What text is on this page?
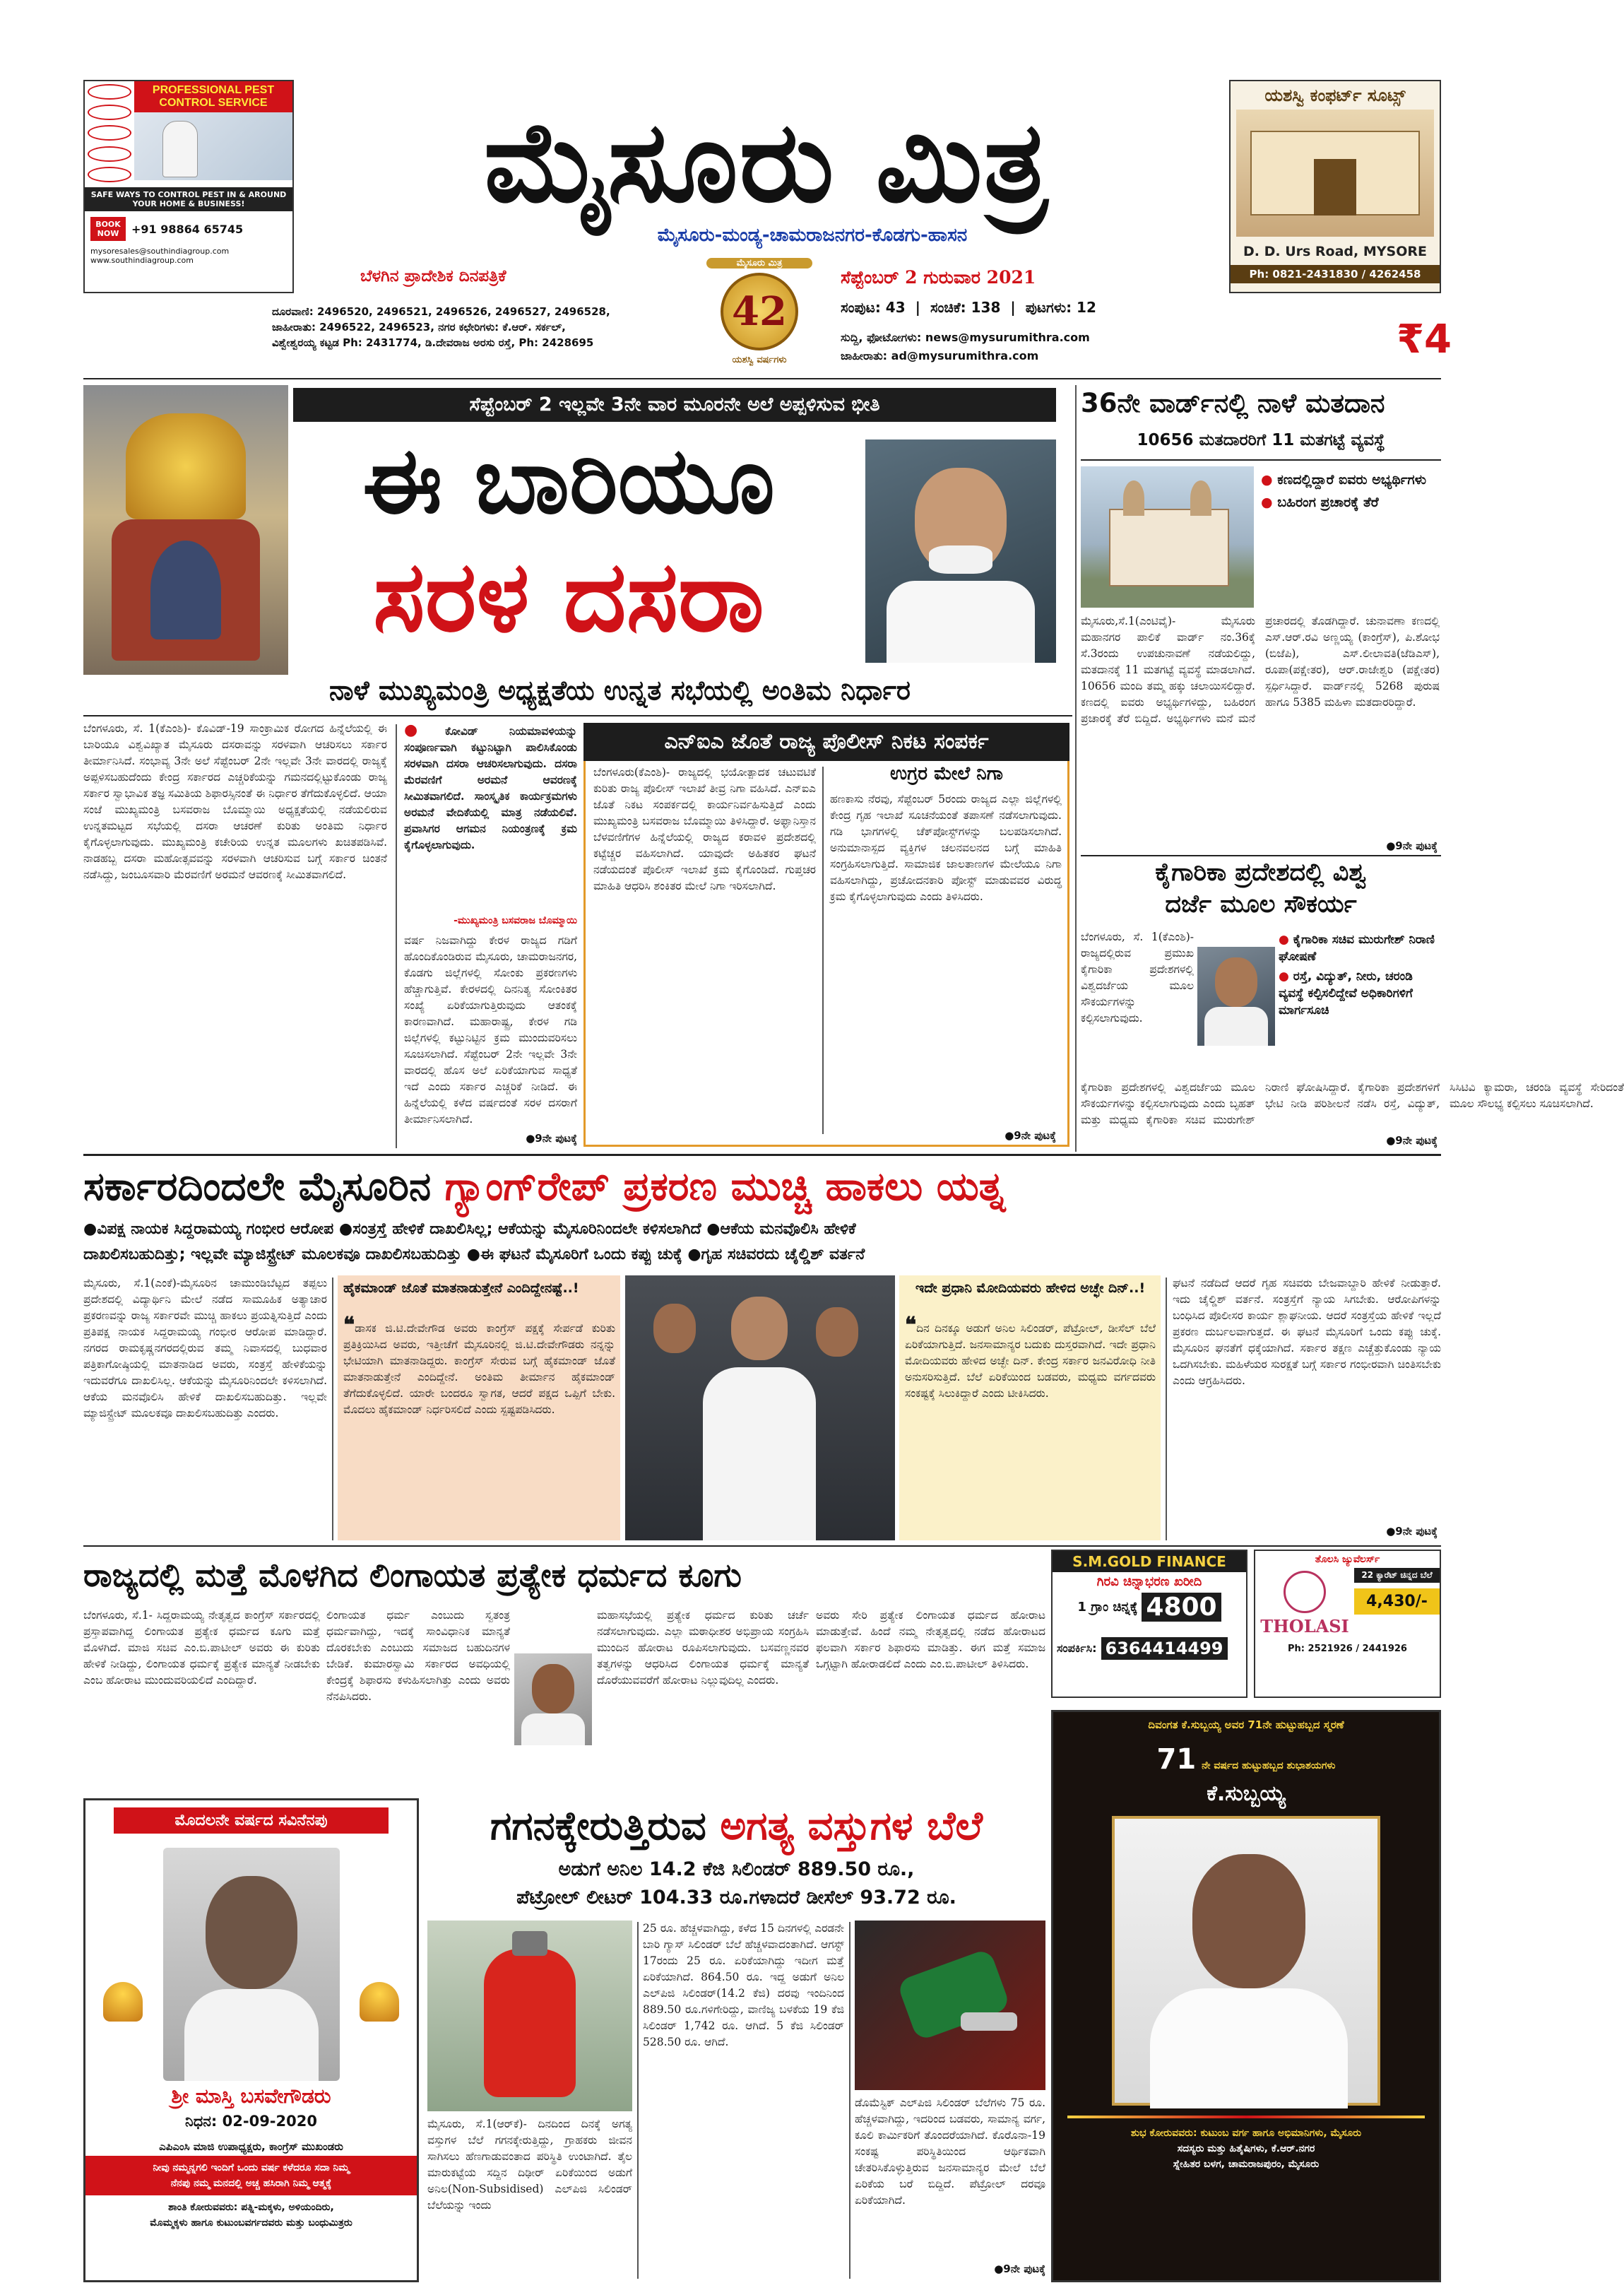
PROFESSIONAL PEST CONTROL SERVICE
SAFE WAYS TO CONTROL PEST IN & AROUND YOUR HOME & BUSINESS!
BOOK NOW	+91 98864 65745
mysoresales@southindiagroup.com
www.southindiagroup.com
ಮೈಸೂರು ಮಿತ್ರ
ಮೈಸೂರು-ಮಂಡ್ಯ-ಚಾಮರಾಜನಗರ-ಕೊಡಗು-ಹಾಸನ
ಬೆಳಗಿನ ಪ್ರಾದೇಶಿಕ ದಿನಪತ್ರಿಕೆ	ಸೆಪ್ಟೆಂಬರ್ 2 ಗುರುವಾರ 2021
ಮೈಸೂರು ಮಿತ್ರ
42
ಯಶಸ್ವಿ ವರ್ಷಗಳು
ದೂರವಾಣಿ: 2496520, 2496521, 2496526, 2496527, 2496528,
ಜಾಹೀರಾತು: 2496522, 2496523, ನಗರ ಕಛೇರಿಗಳು: ಕೆ.ಆರ್. ಸರ್ಕಲ್,
ವಿಶ್ವೇಶ್ವರಯ್ಯ ಕಟ್ಟಡ Ph: 2431774, ಡಿ.ದೇವರಾಜ ಅರಸು ರಸ್ತೆ, Ph: 2428695
ಸಂಪುಟ: 43 | ಸಂಚಿಕೆ: 138 | ಪುಟಗಳು: 12
ಸುದ್ದಿ, ಫೋಟೋಗಳು: news@mysurumithra.com
ಜಾಹೀರಾತು: ad@mysurumithra.com	₹4
ಯಶಸ್ವಿ ಕಂಫರ್ಟ್ ಸೂಟ್ಸ್
D. D. Urs Road, MYSORE
Ph: 0821-2431830 / 4262458
ಸೆಪ್ಟೆಂಬರ್ 2 ಇಲ್ಲವೇ 3ನೇ ವಾರ ಮೂರನೇ ಅಲೆ ಅಪ್ಪಳಿಸುವ ಭೀತಿ
ಈ ಬಾರಿಯೂ
ಸರಳ ದಸರಾ
ನಾಳೆ ಮುಖ್ಯಮಂತ್ರಿ ಅಧ್ಯಕ್ಷತೆಯ ಉನ್ನತ ಸಭೆಯಲ್ಲಿ ಅಂತಿಮ ನಿರ್ಧಾರ
ಬೆಂಗಳೂರು, ಸೆ. 1(ಕೆಎಂಶಿ)- ಕೊವಿಡ್-19 ಸಾಂಕ್ರಾಮಿಕ ರೋಗದ ಹಿನ್ನೆಲೆಯಲ್ಲಿ ಈ ಬಾರಿಯೂ ವಿಶ್ವವಿಖ್ಯಾತ ಮೈಸೂರು ದಸರಾವನ್ನು ಸರಳವಾಗಿ ಆಚರಿಸಲು ಸರ್ಕಾರ ತೀರ್ಮಾನಿಸಿದೆ. ಸಂಭಾವ್ಯ 3ನೇ ಅಲೆ ಸೆಪ್ಟೆಂಬರ್ 2ನೇ ಇಲ್ಲವೇ 3ನೇ ವಾರದಲ್ಲಿ ರಾಜ್ಯಕ್ಕೆ ಅಪ್ಪಳಿಸಬಹುದೆಂದು ಕೇಂದ್ರ ಸರ್ಕಾರದ ಎಚ್ಚರಿಕೆಯನ್ನು ಗಮನದಲ್ಲಿಟ್ಟುಕೊಂಡು ರಾಜ್ಯ ಸರ್ಕಾರ ಸ್ವಾಭಾವಿಕ ತಜ್ಞ ಸಮಿತಿಯ ಶಿಫಾರಸ್ಸಿನಂತೆ ಈ ನಿರ್ಧಾರ ತೆಗೆದುಕೊಳ್ಳಲಿದೆ. ಆಯಾ ಸಂಜೆ ಮುಖ್ಯಮಂತ್ರಿ ಬಸವರಾಜ ಬೊಮ್ಮಾಯಿ ಅಧ್ಯಕ್ಷತೆಯಲ್ಲಿ ನಡೆಯಲಿರುವ ಉನ್ನತಮಟ್ಟದ ಸಭೆಯಲ್ಲಿ ದಸರಾ ಆಚರಣೆ ಕುರಿತು ಅಂತಿಮ ನಿರ್ಧಾರ ಕೈಗೊಳ್ಳಲಾಗುವುದು. ಮುಖ್ಯಮಂತ್ರಿ ಕಚೇರಿಯ ಉನ್ನತ ಮೂಲಗಳು ಖಚಿತಪಡಿಸಿವೆ. ನಾಡಹಬ್ಬ ದಸರಾ ಮಹೋತ್ಸವವನ್ನು ಸರಳವಾಗಿ ಆಚರಿಸುವ ಬಗ್ಗೆ ಸರ್ಕಾರ ಚಿಂತನೆ ನಡೆಸಿದ್ದು, ಜಂಬೂಸವಾರಿ ಮೆರವಣಿಗೆ ಅರಮನೆ ಆವರಣಕ್ಕೆ ಸೀಮಿತವಾಗಲಿದೆ.
●ಕೋವಿಡ್ ನಿಯಮಾವಳಿಯನ್ನು ಸಂಪೂರ್ಣವಾಗಿ ಕಟ್ಟುನಿಟ್ಟಾಗಿ ಪಾಲಿಸಿಕೊಂಡು ಸರಳವಾಗಿ ದಸರಾ ಆಚರಿಸಲಾಗುವುದು. ದಸರಾ ಮೆರವಣಿಗೆ ಅರಮನೆ ಆವರಣಕ್ಕೆ ಸೀಮಿತವಾಗಲಿದೆ. ಸಾಂಸ್ಕೃತಿಕ ಕಾರ್ಯಕ್ರಮಗಳು ಅರಮನೆ ವೇದಿಕೆಯಲ್ಲಿ ಮಾತ್ರ ನಡೆಯಲಿವೆ. ಪ್ರವಾಸಿಗರ ಆಗಮನ ನಿಯಂತ್ರಣಕ್ಕೆ ಕ್ರಮ ಕೈಗೊಳ್ಳಲಾಗುವುದು.
-ಮುಖ್ಯಮಂತ್ರಿ ಬಸವರಾಜ ಬೊಮ್ಮಾಯಿ
ವರ್ಷ ನಿಜವಾಗಿದ್ದು ಕೇರಳ ರಾಜ್ಯದ ಗಡಿಗೆ ಹೊಂದಿಕೊಂಡಿರುವ ಮೈಸೂರು, ಚಾಮರಾಜನಗರ, ಕೊಡಗು ಜಿಲ್ಲೆಗಳಲ್ಲಿ ಸೋಂಕು ಪ್ರಕರಣಗಳು ಹೆಚ್ಚಾಗುತ್ತಿವೆ. ಕೇರಳದಲ್ಲಿ ದಿನನಿತ್ಯ ಸೋಂಕಿತರ ಸಂಖ್ಯೆ ಏರಿಕೆಯಾಗುತ್ತಿರುವುದು ಆತಂಕಕ್ಕೆ ಕಾರಣವಾಗಿದೆ. ಮಹಾರಾಷ್ಟ್ರ, ಕೇರಳ ಗಡಿ ಜಿಲ್ಲೆಗಳಲ್ಲಿ ಕಟ್ಟುನಿಟ್ಟಿನ ಕ್ರಮ ಮುಂದುವರಿಸಲು ಸೂಚಿಸಲಾಗಿದೆ. ಸೆಪ್ಟೆಂಬರ್ 2ನೇ ಇಲ್ಲವೇ 3ನೇ ವಾರದಲ್ಲಿ ಹೊಸ ಅಲೆ ಏರಿಕೆಯಾಗುವ ಸಾಧ್ಯತೆ ಇದೆ ಎಂದು ಸರ್ಕಾರ ಎಚ್ಚರಿಕೆ ನೀಡಿದೆ. ಈ ಹಿನ್ನೆಲೆಯಲ್ಲಿ ಕಳೆದ ವರ್ಷದಂತೆ ಸರಳ ದಸರಾಗೆ ತೀರ್ಮಾನಿಸಲಾಗಿದೆ.
●9ನೇ ಪುಟಕ್ಕೆ
ಎನ್‌ಐಎ ಜೊತೆ ರಾಜ್ಯ ಪೊಲೀಸ್ ನಿಕಟ ಸಂಪರ್ಕ
ಬೆಂಗಳೂರು(ಕೆಎಂಶಿ)- ರಾಜ್ಯದಲ್ಲಿ ಭಯೋತ್ಪಾದಕ ಚಟುವಟಿಕೆ ಕುರಿತು ರಾಜ್ಯ ಪೊಲೀಸ್ ಇಲಾಖೆ ತೀವ್ರ ನಿಗಾ ವಹಿಸಿದೆ. ಎನ್‌ಐಎ ಜೊತೆ ನಿಕಟ ಸಂಪರ್ಕದಲ್ಲಿ ಕಾರ್ಯನಿರ್ವಹಿಸುತ್ತಿದೆ ಎಂದು ಮುಖ್ಯಮಂತ್ರಿ ಬಸವರಾಜ ಬೊಮ್ಮಾಯಿ ತಿಳಿಸಿದ್ದಾರೆ. ಅಫ್ಘಾನಿಸ್ತಾನ ಬೆಳವಣಿಗೆಗಳ ಹಿನ್ನೆಲೆಯಲ್ಲಿ ರಾಜ್ಯದ ಕರಾವಳಿ ಪ್ರದೇಶದಲ್ಲಿ ಕಟ್ಟೆಚ್ಚರ ವಹಿಸಲಾಗಿದೆ. ಯಾವುದೇ ಅಹಿತಕರ ಘಟನೆ ನಡೆಯದಂತೆ ಪೊಲೀಸ್ ಇಲಾಖೆ ಕ್ರಮ ಕೈಗೊಂಡಿದೆ. ಗುಪ್ತಚರ ಮಾಹಿತಿ ಆಧರಿಸಿ ಶಂಕಿತರ ಮೇಲೆ ನಿಗಾ ಇರಿಸಲಾಗಿದೆ.
ಉಗ್ರರ ಮೇಲೆ ನಿಗಾ
ಹಣಕಾಸು ನೆರವು, ಸೆಪ್ಟೆಂಬರ್ 5ರಂದು ರಾಜ್ಯದ ಎಲ್ಲಾ ಜಿಲ್ಲೆಗಳಲ್ಲಿ ಕೇಂದ್ರ ಗೃಹ ಇಲಾಖೆ ಸೂಚನೆಯಂತೆ ತಪಾಸಣೆ ನಡೆಸಲಾಗುವುದು. ಗಡಿ ಭಾಗಗಳಲ್ಲಿ ಚೆಕ್‌ಪೋಸ್ಟ್‌ಗಳನ್ನು ಬಲಪಡಿಸಲಾಗಿದೆ. ಅನುಮಾನಾಸ್ಪದ ವ್ಯಕ್ತಿಗಳ ಚಲನವಲನದ ಬಗ್ಗೆ ಮಾಹಿತಿ ಸಂಗ್ರಹಿಸಲಾಗುತ್ತಿದೆ. ಸಾಮಾಜಿಕ ಜಾಲತಾಣಗಳ ಮೇಲೆಯೂ ನಿಗಾ ವಹಿಸಲಾಗಿದ್ದು, ಪ್ರಚೋದನಕಾರಿ ಪೋಸ್ಟ್ ಮಾಡುವವರ ವಿರುದ್ಧ ಕ್ರಮ ಕೈಗೊಳ್ಳಲಾಗುವುದು ಎಂದು ತಿಳಿಸಿದರು.
●9ನೇ ಪುಟಕ್ಕೆ
36ನೇ ವಾರ್ಡ್‌ನಲ್ಲಿ ನಾಳೆ ಮತದಾನ
10656 ಮತದಾರರಿಗೆ 11 ಮತಗಟ್ಟೆ ವ್ಯವಸ್ಥೆ
● ಕಣದಲ್ಲಿದ್ದಾರೆ ಐವರು ಅಭ್ಯರ್ಥಿಗಳು
● ಬಹಿರಂಗ ಪ್ರಚಾರಕ್ಕೆ ತೆರೆ
ಮೈಸೂರು,ಸೆ.1(ಎಂಟಿವೈ)- ಮೈಸೂರು ಮಹಾನಗರ ಪಾಲಿಕೆ ವಾರ್ಡ್ ನಂ.36ಕ್ಕೆ ಸೆ.3ರಂದು ಉಪಚುನಾವಣೆ ನಡೆಯಲಿದ್ದು, ಮತದಾನಕ್ಕೆ 11 ಮತಗಟ್ಟೆ ವ್ಯವಸ್ಥೆ ಮಾಡಲಾಗಿದೆ. 10656 ಮಂದಿ ತಮ್ಮ ಹಕ್ಕು ಚಲಾಯಿಸಲಿದ್ದಾರೆ. ಕಣದಲ್ಲಿ ಐವರು ಅಭ್ಯರ್ಥಿಗಳಿದ್ದು, ಬಹಿರಂಗ ಪ್ರಚಾರಕ್ಕೆ ತೆರೆ ಬಿದ್ದಿದೆ. ಅಭ್ಯರ್ಥಿಗಳು ಮನೆ ಮನೆ ಪ್ರಚಾರದಲ್ಲಿ ತೊಡಗಿದ್ದಾರೆ. ಚುನಾವಣಾ ಕಣದಲ್ಲಿ ಎಸ್.ಆರ್.ರವಿ ಅಣ್ಣಯ್ಯ (ಕಾಂಗ್ರೆಸ್), ಪಿ.ಶೋಭ (ಬಿಜೆಪಿ), ಎಸ್.ಲೀಲಾವತಿ(ಜೆಡಿಎಸ್), ರೂಪಾ(ಪಕ್ಷೇತರ), ಆರ್.ರಾಜೇಶ್ವರಿ (ಪಕ್ಷೇತರ) ಸ್ಪರ್ಧಿಸಿದ್ದಾರೆ. ವಾರ್ಡ್‌ನಲ್ಲಿ 5268 ಪುರುಷ ಹಾಗೂ 5385 ಮಹಿಳಾ ಮತದಾರರಿದ್ದಾರೆ.
●9ನೇ ಪುಟಕ್ಕೆ
ಕೈಗಾರಿಕಾ ಪ್ರದೇಶದಲ್ಲಿ ವಿಶ್ವ
ದರ್ಜೆ ಮೂಲ ಸೌಕರ್ಯ
ಬೆಂಗಳೂರು, ಸೆ. 1(ಕೆಎಂಶಿ)- ರಾಜ್ಯದಲ್ಲಿರುವ ಪ್ರಮುಖ ಕೈಗಾರಿಕಾ ಪ್ರದೇಶಗಳಲ್ಲಿ ವಿಶ್ವದರ್ಜೆಯ ಮೂಲ ಸೌಕರ್ಯಗಳನ್ನು ಕಲ್ಪಿಸಲಾಗುವುದು.
● ಕೈಗಾರಿಕಾ ಸಚಿವ ಮುರುಗೇಶ್ ನಿರಾಣಿ ಘೋಷಣೆ
● ರಸ್ತೆ, ವಿದ್ಯುತ್, ನೀರು, ಚರಂಡಿ ವ್ಯವಸ್ಥೆ ಕಲ್ಪಿಸಲಿದ್ದೇವೆ ಅಧಿಕಾರಿಗಳಿಗೆ ಮಾರ್ಗಸೂಚಿ
ಕೈಗಾರಿಕಾ ಪ್ರದೇಶಗಳಲ್ಲಿ ವಿಶ್ವದರ್ಜೆಯ ಮೂಲ ಸೌಕರ್ಯಗಳನ್ನು ಕಲ್ಪಿಸಲಾಗುವುದು ಎಂದು ಬೃಹತ್ ಮತ್ತು ಮಧ್ಯಮ ಕೈಗಾರಿಕಾ ಸಚಿವ ಮುರುಗೇಶ್ ನಿರಾಣಿ ಘೋಷಿಸಿದ್ದಾರೆ. ಕೈಗಾರಿಕಾ ಪ್ರದೇಶಗಳಿಗೆ ಭೇಟಿ ನೀಡಿ ಪರಿಶೀಲನೆ ನಡೆಸಿ ರಸ್ತೆ, ವಿದ್ಯುತ್, ಸಿಸಿಟಿವಿ ಕ್ಯಾಮರಾ, ಚರಂಡಿ ವ್ಯವಸ್ಥೆ ಸೇರಿದಂತೆ ಮೂಲ ಸೌಲಭ್ಯ ಕಲ್ಪಿಸಲು ಸೂಚಿಸಲಾಗಿದೆ.
●9ನೇ ಪುಟಕ್ಕೆ
ಸರ್ಕಾರದಿಂದಲೇ ಮೈಸೂರಿನ ಗ್ಯಾಂಗ್‌ರೇಪ್ ಪ್ರಕರಣ ಮುಚ್ಚಿ ಹಾಕಲು ಯತ್ನ
●ವಿಪಕ್ಷ ನಾಯಕ ಸಿದ್ದರಾಮಯ್ಯ ಗಂಭೀರ ಆರೋಪ ●ಸಂತ್ರಸ್ತೆ ಹೇಳಿಕೆ ದಾಖಲಿಸಿಲ್ಲ; ಆಕೆಯನ್ನು ಮೈಸೂರಿನಿಂದಲೇ ಕಳಿಸಲಾಗಿದೆ ●ಆಕೆಯ ಮನವೊಲಿಸಿ ಹೇಳಿಕೆ
ದಾಖಲಿಸಬಹುದಿತ್ತು; ಇಲ್ಲವೇ ಮ್ಯಾಜಿಸ್ಟ್ರೇಟ್ ಮೂಲಕವೂ ದಾಖಲಿಸಬಹುದಿತ್ತು ●ಈ ಘಟನೆ ಮೈಸೂರಿಗೆ ಒಂದು ಕಪ್ಪು ಚುಕ್ಕೆ ●ಗೃಹ ಸಚಿವರದು ಚೈಲ್ಡಿಶ್ ವರ್ತನೆ
ಮೈಸೂರು, ಸೆ.1(ಎಂಕೆ)-ಮೈಸೂರಿನ ಚಾಮುಂಡಿಬೆಟ್ಟದ ತಪ್ಪಲು ಪ್ರದೇಶದಲ್ಲಿ ವಿದ್ಯಾರ್ಥಿನಿ ಮೇಲೆ ನಡೆದ ಸಾಮೂಹಿಕ ಅತ್ಯಾಚಾರ ಪ್ರಕರಣವನ್ನು ರಾಜ್ಯ ಸರ್ಕಾರವೇ ಮುಚ್ಚಿ ಹಾಕಲು ಪ್ರಯತ್ನಿಸುತ್ತಿದೆ ಎಂದು ಪ್ರತಿಪಕ್ಷ ನಾಯಕ ಸಿದ್ದರಾಮಯ್ಯ ಗಂಭೀರ ಆರೋಪ ಮಾಡಿದ್ದಾರೆ. ನಗರದ ರಾಮಕೃಷ್ಣನಗರದಲ್ಲಿರುವ ತಮ್ಮ ನಿವಾಸದಲ್ಲಿ ಬುಧವಾರ ಪತ್ರಿಕಾಗೋಷ್ಠಿಯಲ್ಲಿ ಮಾತನಾಡಿದ ಅವರು, ಸಂತ್ರಸ್ತೆ ಹೇಳಿಕೆಯನ್ನು ಇದುವರೆಗೂ ದಾಖಲಿಸಿಲ್ಲ. ಆಕೆಯನ್ನು ಮೈಸೂರಿನಿಂದಲೇ ಕಳಿಸಲಾಗಿದೆ. ಆಕೆಯ ಮನವೊಲಿಸಿ ಹೇಳಿಕೆ ದಾಖಲಿಸಬಹುದಿತ್ತು. ಇಲ್ಲವೇ ಮ್ಯಾಜಿಸ್ಟ್ರೇಟ್ ಮೂಲಕವೂ ದಾಖಲಿಸಬಹುದಿತ್ತು ಎಂದರು.
ಹೈಕಮಾಂಡ್ ಜೊತೆ ಮಾತನಾಡುತ್ತೇನೆ ಎಂದಿದ್ದೇನಷ್ಟೆ..!
❝ಡಾಸಕ ಜಿ.ಟಿ.ದೇವೇಗೌಡ ಅವರು ಕಾಂಗ್ರೆಸ್ ಪಕ್ಷಕ್ಕೆ ಸೇರ್ಪಡೆ ಕುರಿತು ಪ್ರತಿಕ್ರಿಯಿಸಿದ ಅವರು, ಇತ್ತೀಚೆಗೆ ಮೈಸೂರಿನಲ್ಲಿ ಜಿ.ಟಿ.ದೇವೇಗೌಡರು ನನ್ನನ್ನು ಭೇಟಿಯಾಗಿ ಮಾತನಾಡಿದ್ದರು. ಕಾಂಗ್ರೆಸ್ ಸೇರುವ ಬಗ್ಗೆ ಹೈಕಮಾಂಡ್ ಜೊತೆ ಮಾತನಾಡುತ್ತೇನೆ ಎಂದಿದ್ದೇನೆ. ಅಂತಿಮ ತೀರ್ಮಾನ ಹೈಕಮಾಂಡ್ ತೆಗೆದುಕೊಳ್ಳಲಿದೆ. ಯಾರೇ ಬಂದರೂ ಸ್ವಾಗತ, ಆದರೆ ಪಕ್ಷದ ಒಪ್ಪಿಗೆ ಬೇಕು. ಮೊದಲು ಹೈಕಮಾಂಡ್ ನಿರ್ಧರಿಸಲಿದೆ ಎಂದು ಸ್ಪಷ್ಟಪಡಿಸಿದರು.
ಇದೇ ಪ್ರಧಾನಿ ಮೋದಿಯವರು ಹೇಳಿದ ಅಚ್ಛೇ ದಿನ್..!
❝ದಿನ ದಿನಕ್ಕೂ ಅಡುಗೆ ಅನಿಲ ಸಿಲಿಂಡರ್, ಪೆಟ್ರೋಲ್, ಡೀಸೆಲ್ ಬೆಲೆ ಏರಿಕೆಯಾಗುತ್ತಿದೆ. ಜನಸಾಮಾನ್ಯರ ಬದುಕು ದುಸ್ತರವಾಗಿದೆ. ಇದೇ ಪ್ರಧಾನಿ ಮೋದಿಯವರು ಹೇಳಿದ ಅಚ್ಛೇ ದಿನ್. ಕೇಂದ್ರ ಸರ್ಕಾರ ಜನವಿರೋಧಿ ನೀತಿ ಅನುಸರಿಸುತ್ತಿದೆ. ಬೆಲೆ ಏರಿಕೆಯಿಂದ ಬಡವರು, ಮಧ್ಯಮ ವರ್ಗದವರು ಸಂಕಷ್ಟಕ್ಕೆ ಸಿಲುಕಿದ್ದಾರೆ ಎಂದು ಟೀಕಿಸಿದರು.
ಘಟನೆ ನಡೆದಿದೆ ಆದರೆ ಗೃಹ ಸಚಿವರು ಬೇಜವಾಬ್ದಾರಿ ಹೇಳಿಕೆ ನೀಡುತ್ತಾರೆ. ಇದು ಚೈಲ್ಡಿಶ್ ವರ್ತನೆ. ಸಂತ್ರಸ್ತೆಗೆ ನ್ಯಾಯ ಸಿಗಬೇಕು. ಆರೋಪಿಗಳನ್ನು ಬಂಧಿಸಿದ ಪೊಲೀಸರ ಕಾರ್ಯ ಶ್ಲಾಘನೀಯ. ಆದರೆ ಸಂತ್ರಸ್ತೆಯ ಹೇಳಿಕೆ ಇಲ್ಲದೆ ಪ್ರಕರಣ ದುರ್ಬಲವಾಗುತ್ತದೆ. ಈ ಘಟನೆ ಮೈಸೂರಿಗೆ ಒಂದು ಕಪ್ಪು ಚುಕ್ಕೆ. ಮೈಸೂರಿನ ಘನತೆಗೆ ಧಕ್ಕೆಯಾಗಿದೆ. ಸರ್ಕಾರ ತಕ್ಷಣ ಎಚ್ಚೆತ್ತುಕೊಂಡು ನ್ಯಾಯ ಒದಗಿಸಬೇಕು. ಮಹಿಳೆಯರ ಸುರಕ್ಷತೆ ಬಗ್ಗೆ ಸರ್ಕಾರ ಗಂಭೀರವಾಗಿ ಚಿಂತಿಸಬೇಕು ಎಂದು ಆಗ್ರಹಿಸಿದರು.
●9ನೇ ಪುಟಕ್ಕೆ
ರಾಜ್ಯದಲ್ಲಿ ಮತ್ತೆ ಮೊಳಗಿದ ಲಿಂಗಾಯತ ಪ್ರತ್ಯೇಕ ಧರ್ಮದ ಕೂಗು
ಬೆಂಗಳೂರು, ಸೆ.1- ಸಿದ್ದರಾಮಯ್ಯ ನೇತೃತ್ವದ ಕಾಂಗ್ರೆಸ್ ಸರ್ಕಾರದಲ್ಲಿ ಪ್ರಸ್ತಾಪವಾಗಿದ್ದ ಲಿಂಗಾಯತ ಪ್ರತ್ಯೇಕ ಧರ್ಮದ ಕೂಗು ಮತ್ತೆ ಮೊಳಗಿದೆ. ಮಾಜಿ ಸಚಿವ ಎಂ.ಬಿ.ಪಾಟೀಲ್ ಅವರು ಈ ಕುರಿತು ಹೇಳಿಕೆ ನೀಡಿದ್ದು, ಲಿಂಗಾಯತ ಧರ್ಮಕ್ಕೆ ಪ್ರತ್ಯೇಕ ಮಾನ್ಯತೆ ನೀಡಬೇಕು ಎಂಬ ಹೋರಾಟ ಮುಂದುವರಿಯಲಿದೆ ಎಂದಿದ್ದಾರೆ.
ಲಿಂಗಾಯತ ಧರ್ಮ ಎಂಬುದು ಸ್ವತಂತ್ರ ಧರ್ಮವಾಗಿದ್ದು, ಇದಕ್ಕೆ ಸಾಂವಿಧಾನಿಕ ಮಾನ್ಯತೆ ದೊರಕಬೇಕು ಎಂಬುದು ಸಮಾಜದ ಬಹುದಿನಗಳ ಬೇಡಿಕೆ. ಕುಮಾರಸ್ವಾಮಿ ಸರ್ಕಾರದ ಅವಧಿಯಲ್ಲಿ ಕೇಂದ್ರಕ್ಕೆ ಶಿಫಾರಸು ಕಳುಹಿಸಲಾಗಿತ್ತು ಎಂದು ಅವರು ನೆನಪಿಸಿದರು.
ಮಹಾಸಭೆಯಲ್ಲಿ ಪ್ರತ್ಯೇಕ ಧರ್ಮದ ಕುರಿತು ಚರ್ಚೆ ನಡೆಸಲಾಗುವುದು. ಎಲ್ಲಾ ಮಠಾಧೀಶರ ಅಭಿಪ್ರಾಯ ಸಂಗ್ರಹಿಸಿ ಮುಂದಿನ ಹೋರಾಟ ರೂಪಿಸಲಾಗುವುದು. ಬಸವಣ್ಣನವರ ತತ್ವಗಳನ್ನು ಆಧರಿಸಿದ ಲಿಂಗಾಯತ ಧರ್ಮಕ್ಕೆ ಮಾನ್ಯತೆ ದೊರೆಯುವವರೆಗೆ ಹೋರಾಟ ನಿಲ್ಲುವುದಿಲ್ಲ ಎಂದರು.
ಅವರು ಸೇರಿ ಪ್ರತ್ಯೇಕ ಲಿಂಗಾಯತ ಧರ್ಮದ ಹೋರಾಟ ಮಾಡುತ್ತೇವೆ. ಹಿಂದೆ ನಮ್ಮ ನೇತೃತ್ವದಲ್ಲಿ ನಡೆದ ಹೋರಾಟದ ಫಲವಾಗಿ ಸರ್ಕಾರ ಶಿಫಾರಸು ಮಾಡಿತ್ತು. ಈಗ ಮತ್ತೆ ಸಮಾಜ ಒಗ್ಗಟ್ಟಾಗಿ ಹೋರಾಡಲಿದೆ ಎಂದು ಎಂ.ಬಿ.ಪಾಟೀಲ್ ತಿಳಿಸಿದರು.
S.M.GOLD FINANCE
ಗಿರವಿ ಚಿನ್ನಾಭರಣ ಖರೀದಿ
1 ಗ್ರಾಂ ಚಿನ್ನಕ್ಕೆ 4800
ಸಂಪರ್ಕಿಸಿ: 6364414499
ತೊಲಸಿ ಜ್ಯುವೆಲರ್ಸ್
THOLASI
22 ಕ್ಯಾರೆಟ್ ಚಿನ್ನದ ಬೆಲೆ
4,430/-
Ph: 2521926 / 2441926
ಮೊದಲನೇ ವರ್ಷದ ಸವಿನೆನಪು
ಶ್ರೀ ಮಾಸ್ತಿ ಬಸವೇಗೌಡರು
ನಿಧನ: 02-09-2020
ಎಪಿಎಂಸಿ ಮಾಜಿ ಉಪಾಧ್ಯಕ್ಷರು, ಕಾಂಗ್ರೆಸ್ ಮುಖಂಡರು
ನೀವು ನಮ್ಮನ್ನಗಲಿ ಇಂದಿಗೆ ಒಂದು ವರ್ಷ ಕಳೆದರೂ ಸದಾ ನಿಮ್ಮ
ನೆನಪು ನಮ್ಮ ಮನದಲ್ಲಿ ಅಚ್ಚ ಹಸಿರಾಗಿ ನಿಮ್ಮ ಆತ್ಮಕ್ಕೆ
ಶಾಂತಿ ಕೋರುವವರು: ಪತ್ನಿ-ಮಕ್ಕಳು, ಅಳಿಯಂದಿರು,
ಮೊಮ್ಮಕ್ಕಳು ಹಾಗೂ ಕುಟುಂಬವರ್ಗದವರು ಮತ್ತು ಬಂಧುಮಿತ್ರರು
ಗಗನಕ್ಕೇರುತ್ತಿರುವ ಅಗತ್ಯ ವಸ್ತುಗಳ ಬೆಲೆ
ಅಡುಗೆ ಅನಿಲ 14.2 ಕೆಜಿ ಸಿಲಿಂಡರ್ 889.50 ರೂ.,
ಪೆಟ್ರೋಲ್ ಲೀಟರ್ 104.33 ರೂ.ಗಳಾದರೆ ಡೀಸೆಲ್ 93.72 ರೂ.
ಮೈಸೂರು, ಸೆ.1(ಆರ್‌ಕೆ)- ದಿನದಿಂದ ದಿನಕ್ಕೆ ಅಗತ್ಯ ವಸ್ತುಗಳ ಬೆಲೆ ಗಗನಕ್ಕೇರುತ್ತಿದ್ದು, ಗ್ರಾಹಕರು ಜೀವನ ಸಾಗಿಸಲು ಹೆಣಗಾಡುವಂತಾದ ಪರಿಸ್ಥಿತಿ ಉಂಟಾಗಿದೆ. ತೈಲ ಮಾರುಕಟ್ಟೆಯ ಸದ್ದಿನ ದಿಢೀರ್ ಏರಿಕೆಯಿಂದ ಅಡುಗೆ ಅನಿಲ(Non-Subsidised) ಎಲ್‌ಪಿಜಿ ಸಿಲಿಂಡರ್ ಬೆಲೆಯನ್ನು ಇಂದು
25 ರೂ. ಹೆಚ್ಚಳವಾಗಿದ್ದು, ಕಳೆದ 15 ದಿನಗಳಲ್ಲಿ ಎರಡನೇ ಬಾರಿ ಗ್ಯಾಸ್ ಸಿಲಿಂಡರ್ ಬೆಲೆ ಹೆಚ್ಚಳವಾದಂತಾಗಿದೆ. ಆಗಸ್ಟ್ 17ರಂದು 25 ರೂ. ಏರಿಕೆಯಾಗಿದ್ದು ಇದೀಗ ಮತ್ತೆ ಏರಿಕೆಯಾಗಿದೆ. 864.50 ರೂ. ಇದ್ದ ಅಡುಗೆ ಅನಿಲ ಎಲ್‌ಪಿಜಿ ಸಿಲಿಂಡರ್(14.2 ಕೆಜಿ) ದರವು ಇಂದಿನಿಂದ 889.50 ರೂ.ಗಳಿಗೇರಿದ್ದು, ವಾಣಿಜ್ಯ ಬಳಕೆಯ 19 ಕೆಜಿ ಸಿಲಿಂಡರ್ 1,742 ರೂ. ಆಗಿದೆ. 5 ಕೆಜಿ ಸಿಲಿಂಡರ್ 528.50 ರೂ. ಆಗಿದೆ.
ಡೊಮೆಸ್ಟಿಕ್ ಎಲ್‌ಪಿಜಿ ಸಿಲಿಂಡರ್ ಬೆಲೆಗಳು 75 ರೂ. ಹೆಚ್ಚಳವಾಗಿದ್ದು, ಇದರಿಂದ ಬಡವರು, ಸಾಮಾನ್ಯ ವರ್ಗ, ಕೂಲಿ ಕಾರ್ಮಿಕರಿಗೆ ತೊಂದರೆಯಾಗಿದೆ. ಕೊರೊನಾ-19 ಸಂಕಷ್ಟ ಪರಿಸ್ಥಿತಿಯಿಂದ ಆರ್ಥಿಕವಾಗಿ ಚೇತರಿಸಿಕೊಳ್ಳುತ್ತಿರುವ ಜನಸಾಮಾನ್ಯರ ಮೇಲೆ ಬೆಲೆ ಏರಿಕೆಯ ಬರೆ ಬಿದ್ದಿದೆ. ಪೆಟ್ರೋಲ್ ದರವೂ ಏರಿಕೆಯಾಗಿದೆ.
●9ನೇ ಪುಟಕ್ಕೆ
ದಿವಂಗತ ಕೆ.ಸುಬ್ಬಯ್ಯ ಅವರ 71ನೇ ಹುಟ್ಟುಹಬ್ಬದ ಸ್ಮರಣೆ
71 ನೇ ವರ್ಷದ ಹುಟ್ಟುಹಬ್ಬದ ಶುಭಾಶಯಗಳು
ಕೆ.ಸುಬ್ಬಯ್ಯ
ಶುಭ ಕೋರುವವರು: ಕುಟುಂಬ ವರ್ಗ ಹಾಗೂ ಅಭಿಮಾನಿಗಳು, ಮೈಸೂರು
ಸದಸ್ಯರು ಮತ್ತು ಹಿತೈಷಿಗಳು, ಕೆ.ಆರ್.ನಗರ
ಸ್ನೇಹಿತರ ಬಳಗ, ಚಾಮರಾಜಪುರಂ, ಮೈಸೂರು
